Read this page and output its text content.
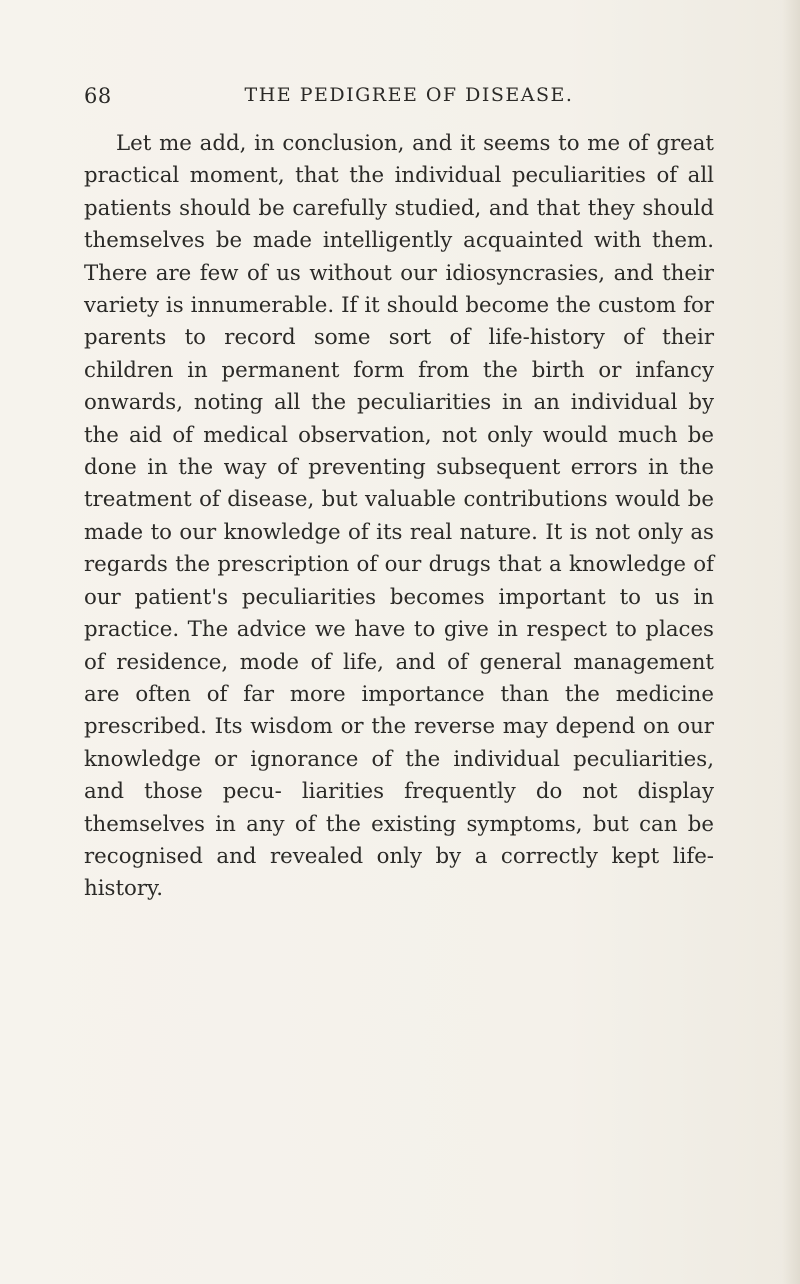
68	THE PEDIGREE OF DISEASE.

Let me add, in conclusion, and it seems to me of great practical moment, that the individual peculiarities of all patients should be carefully studied, and that they should themselves be made intelligently acquainted with them. There are few of us without our idiosyncrasies, and their variety is innumerable. If it should become the custom for parents to record some sort of life-history of their children in permanent form from the birth or infancy onwards, noting all the peculiarities in an individual by the aid of medical observation, not only would much be done in the way of preventing subsequent errors in the treatment of disease, but valuable contributions would be made to our knowledge of its real nature. It is not only as regards the prescription of our drugs that a knowledge of our patient's peculiarities becomes important to us in practice. The advice we have to give in respect to places of residence, mode of life, and of general management are often of far more importance than the medicine prescribed. Its wisdom or the reverse may depend on our knowledge or ignorance of the individual peculiarities, and those pecu- liarities frequently do not display themselves in any of the existing symptoms, but can be recognised and revealed only by a correctly kept life-history.
